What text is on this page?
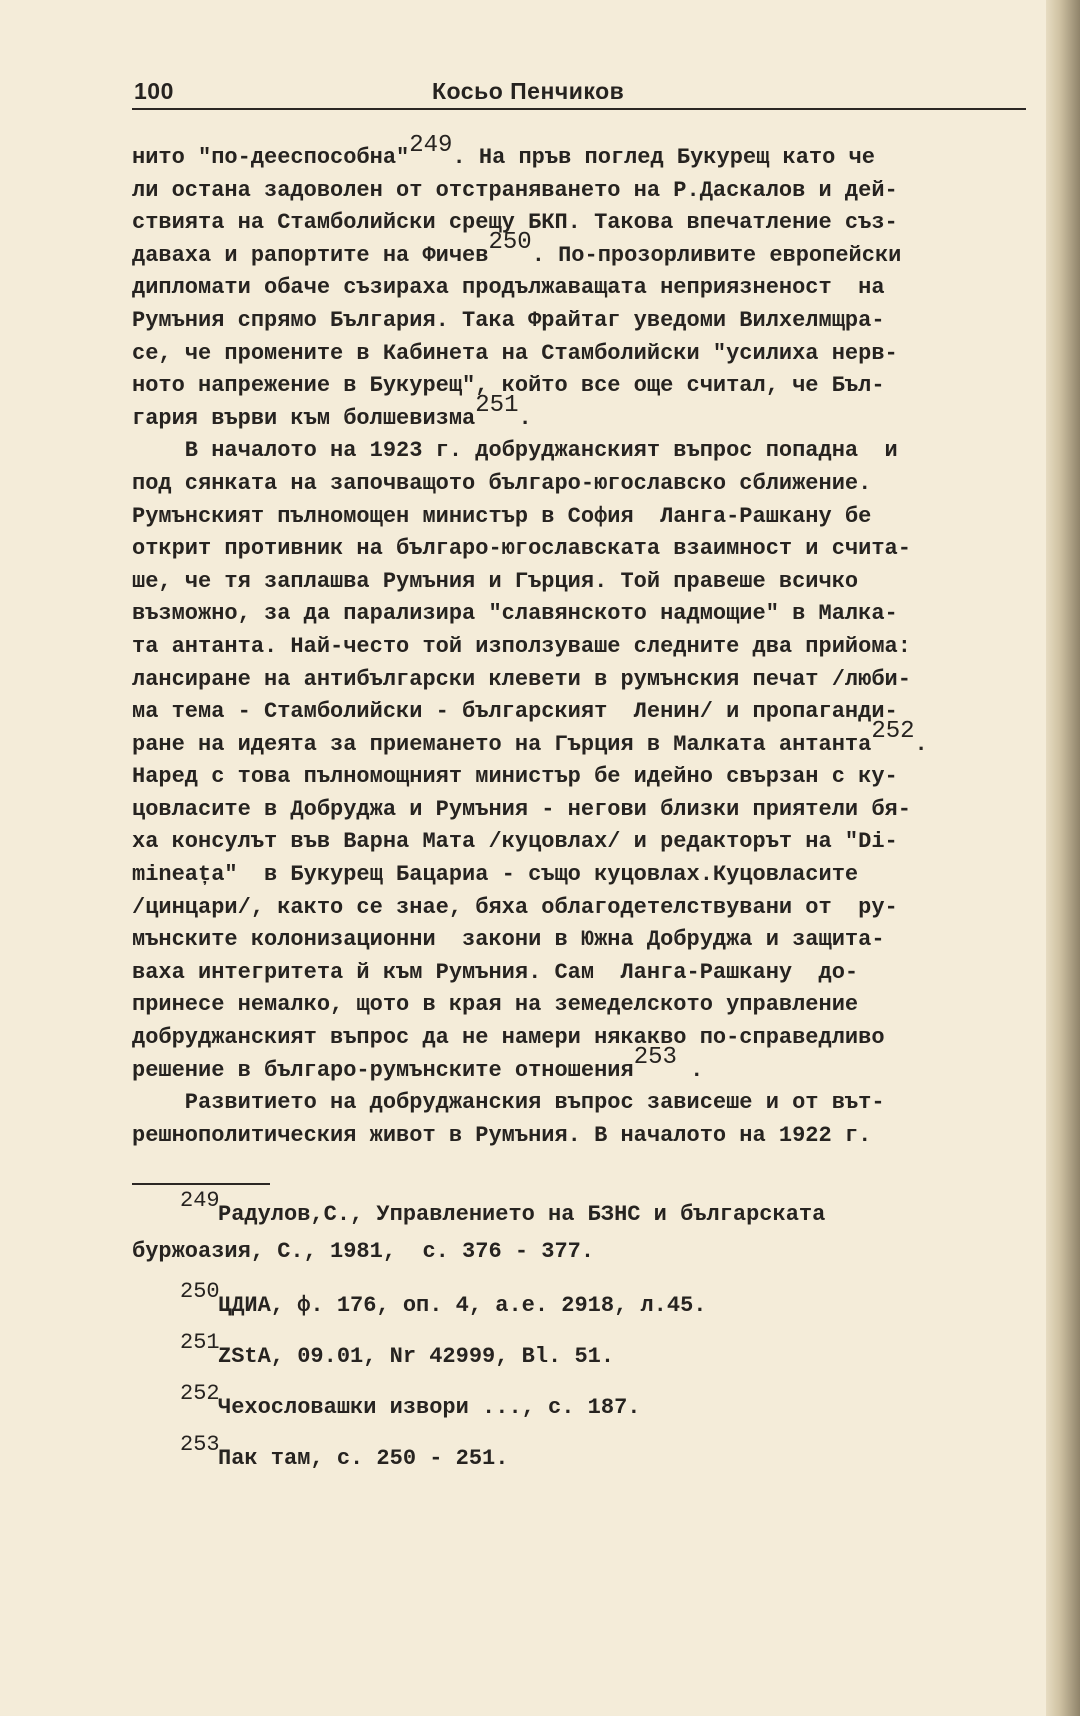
100	Косьо Пенчиков
нито "по-дееспособна"$^{249}$. На пръв поглед Букурещ като че
ли остана задоволен от отстраняването на Р.Даскалов и дей-
ствията на Стамболийски срещу БКП. Такова впечатление съз-
даваха и рапортите на Фичев$^{250}$. По-прозорливите европейски
дипломати обаче съзираха продължаващата неприязненост  на
Румъния спрямо България. Така Фрайтаг уведоми Вилхелмщра-
се, че промените в Кабинета на Стамболийски "усилиха нерв-
ното напрежение в Букурещ", който все още считал, че Бъл-
гария върви към болшевизма$^{251}$.
В началото на 1923 г. добруджанският въпрос попадна  и
под сянката на започващото българо-югославско сближение.
Румънският пълномощен министър в София  Ланга-Рашкану бе
открит противник на българо-югославската взаимност и счита-
ше, че тя заплашва Румъния и Гърция. Той правеше всичко
възможно, за да парализира "славянското надмощие" в Малка-
та антанта. Най-често той използуваше следните два прийома:
лансиране на антибългарски клевети в румънския печат /люби-
ма тема - Стамболийски - българският  Ленин/ и пропаганди-
ране на идеята за приемането на Гърция в Малката антанта$^{252}$.
Наред с това пълномощният министър бе идейно свързан с ку-
цовласите в Добруджа и Румъния - негови близки приятели бя-
ха консулът във Варна Мата /куцовлах/ и редакторът на "Di-
mineața"  в Букурещ Бацариа - също куцовлах.Куцовласите
/цинцари/, както се знае, бяха облагодетелствувани от  ру-
мънските колонизационни  закони в Южна Добруджа и защита-
ваха интегритета й към Румъния. Сам  Ланга-Рашкану  до-
принесе немалко, щото в края на земеделското управление
добруджанският въпрос да не намери някакво по-справедливо
решение в българо-румънските отношения$^{253}$ .
Развитието на добруджанския въпрос зависеше и от вът-
решнополитическия живот в Румъния. В началото на 1922 г.
249
Радулов,С., Управлението на БЗНС и българската
буржоазия, С., 1981,  с. 376 - 377.
250
ЦДИА, ф. 176, оп. 4, а.е. 2918, л.45.
251
ZStA, 09.01, Nr 42999, Bl. 51.
252
Чехословашки извори ..., с. 187.
253
Пак там, с. 250 - 251.
